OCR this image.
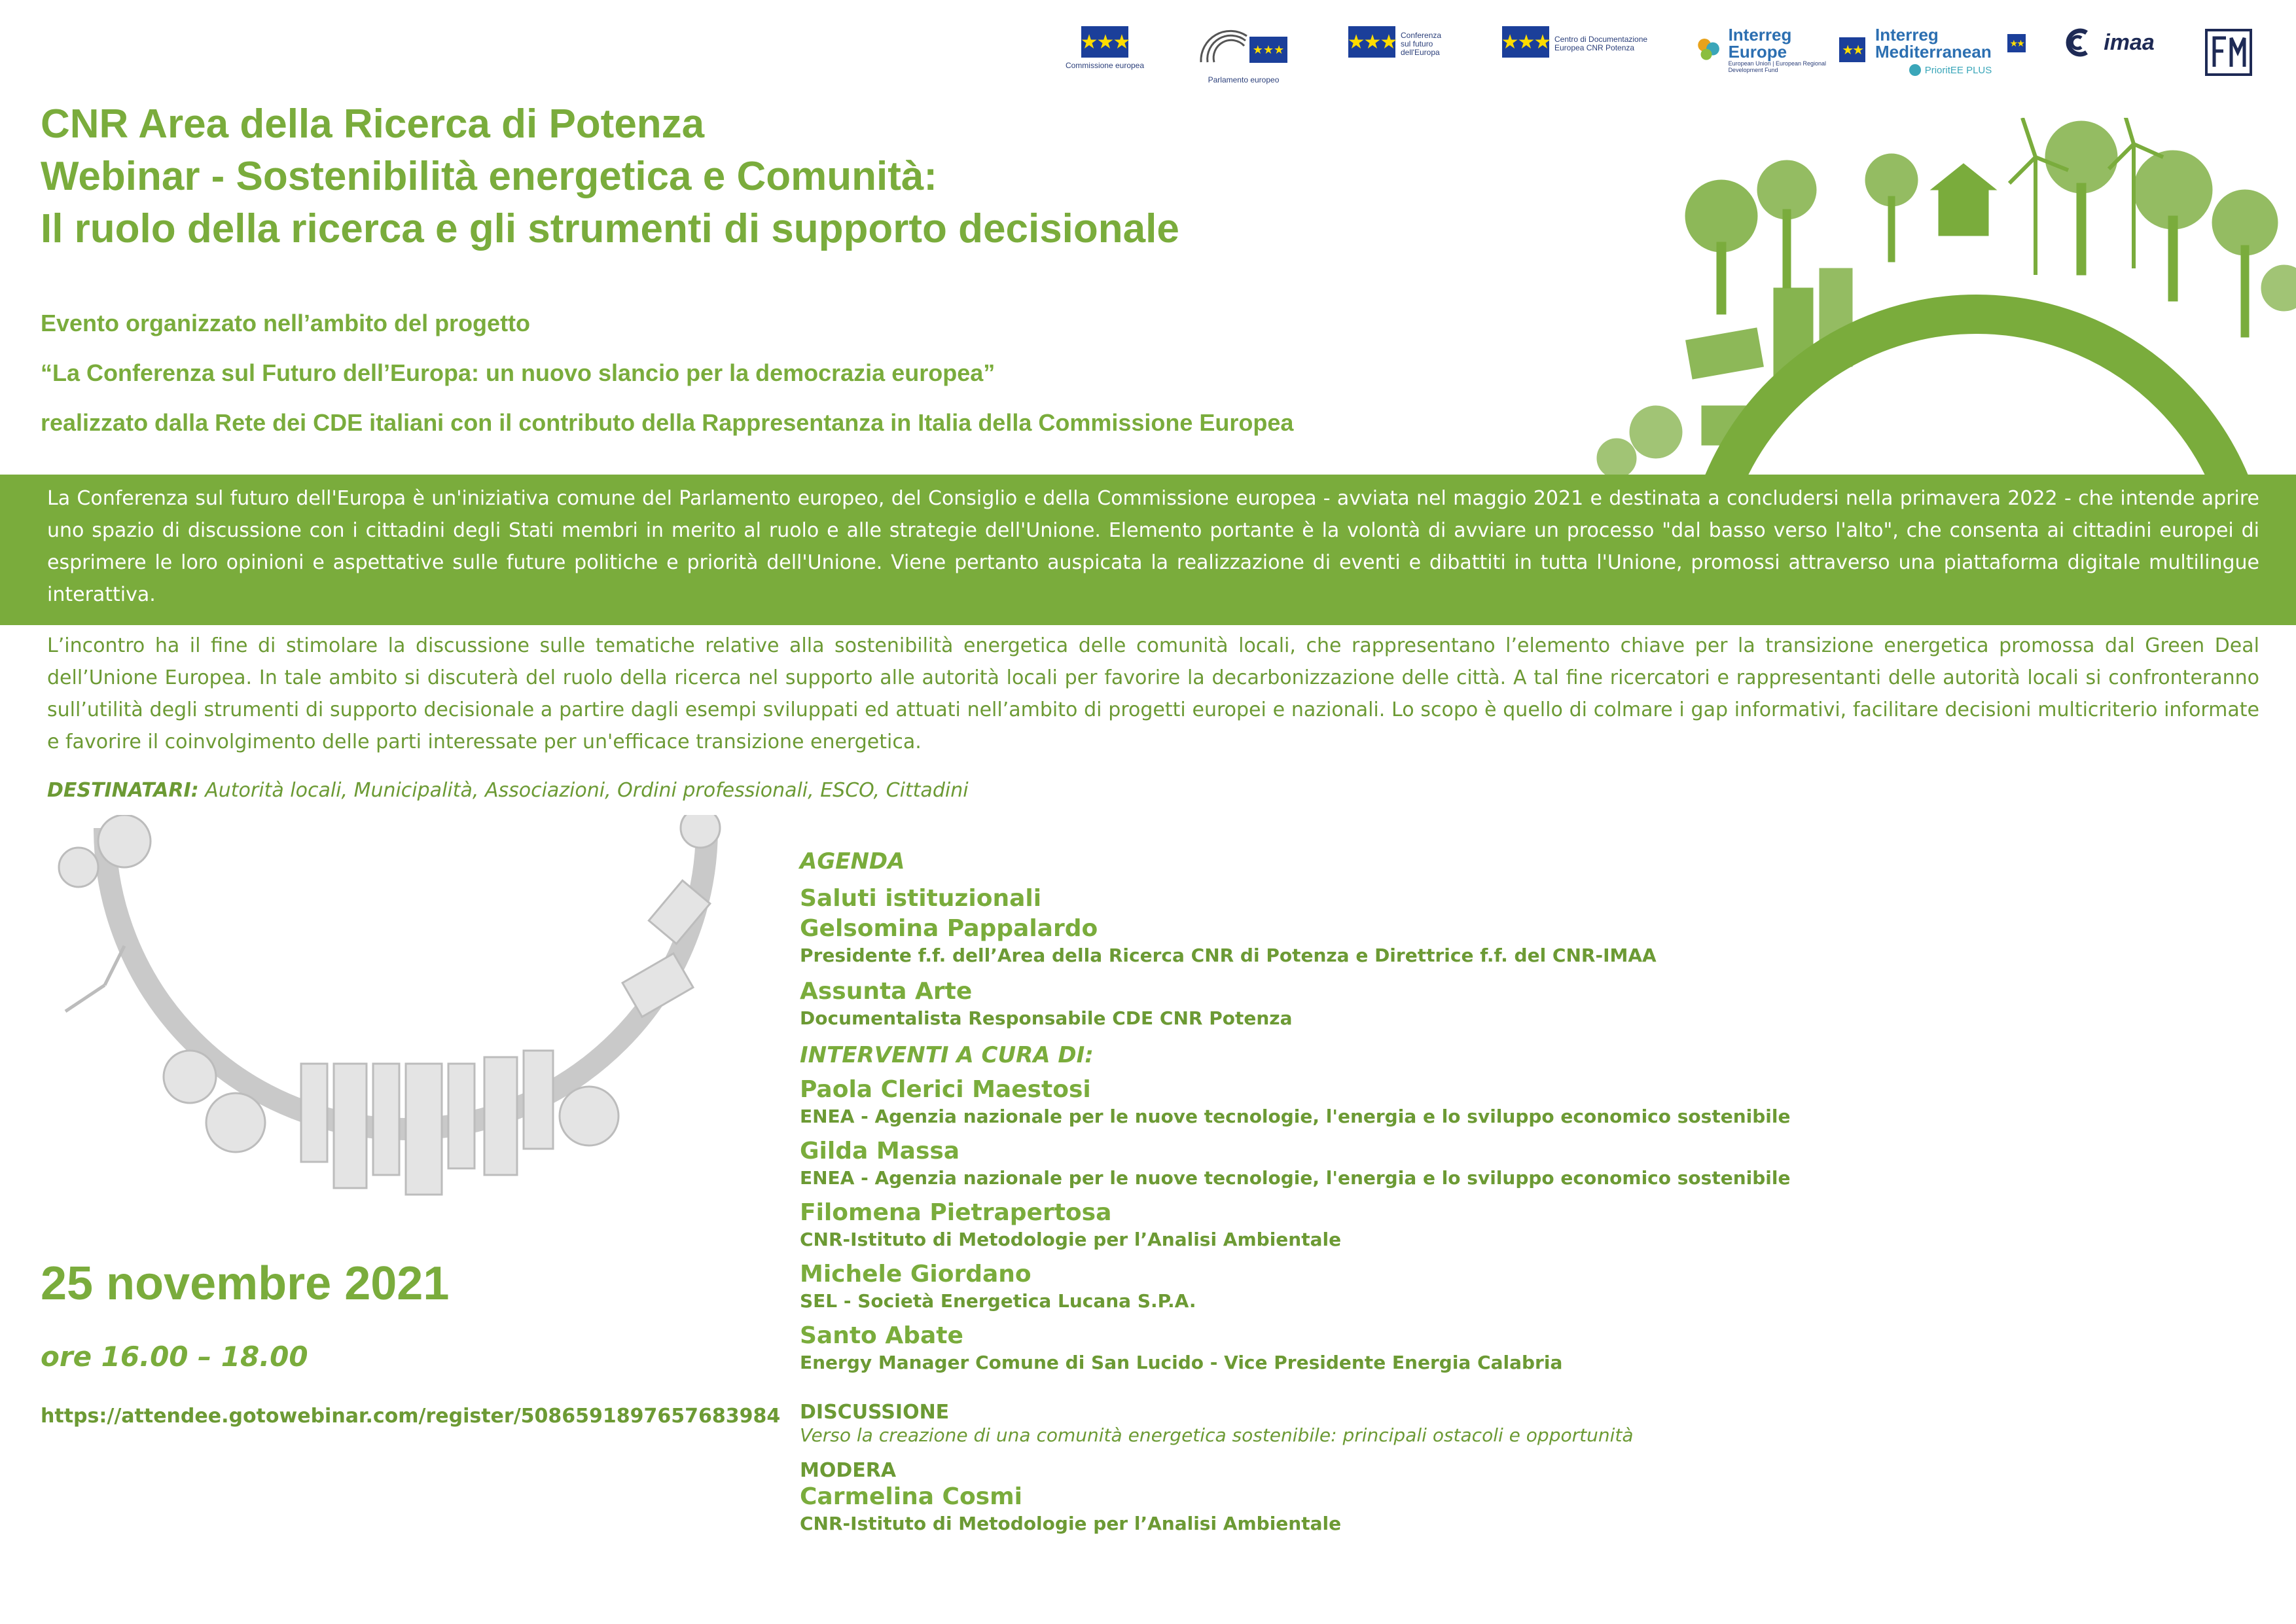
★★★
Commissione europea
★★★
Parlamento europeo
★★★ Conferenza sul futuro dell'Europa	★★★ Centro di Documentazione Europea CNR Potenza
Interreg Europe
European Union | European Regional Development Fund
★★
Interreg Mediterranean	★★
PrioritEE PLUS
imaa
CNR Area della Ricerca di Potenza
Webinar - Sostenibilità energetica e Comunità:
Il ruolo della ricerca e gli strumenti di supporto decisionale
Evento organizzato nell’ambito del progetto
“La Conferenza sul Futuro dell’Europa: un nuovo slancio per la democrazia europea”
realizzato dalla Rete dei CDE italiani con il contributo della Rappresentanza in Italia della Commissione Europea

La Conferenza sul futuro dell'Europa è un'iniziativa comune del Parlamento europeo, del Consiglio e della Commissione europea - avviata nel maggio 2021 e destinata a concludersi nella primavera 2022 - che intende aprire uno spazio di discussione con i cittadini degli Stati membri in merito al ruolo e alle strategie dell'Unione. Elemento portante è la volontà di avviare un processo "dal basso verso l'alto", che consenta ai cittadini europei di esprimere le loro opinioni e aspettative sulle future politiche e priorità dell'Unione. Viene pertanto auspicata la realizzazione di eventi e dibattiti in tutta l'Unione, promossi attraverso una piattaforma digitale multilingue interattiva.

L’incontro ha il fine di stimolare la discussione sulle tematiche relative alla sostenibilità energetica delle comunità locali, che rappresentano l’elemento chiave per la transizione energetica promossa dal Green Deal dell’Unione Europea. In tale ambito si discuterà del ruolo della ricerca nel supporto alle autorità locali per favorire la decarbonizzazione delle città. A tal fine ricercatori e rappresentanti delle autorità locali si confronteranno sull’utilità degli strumenti di supporto decisionale a partire dagli esempi sviluppati ed attuati nell’ambito di progetti europei e nazionali. Lo scopo è quello di colmare i gap informativi, facilitare decisioni multicriterio informate e favorire il coinvolgimento delle parti interessate per un'efficace transizione energetica.

DESTINATARI: Autorità locali, Municipalità, Associazioni, Ordini professionali, ESCO, Cittadini
AGENDA
Saluti istituzionali
Gelsomina Pappalardo
Presidente f.f. dell’Area della Ricerca CNR di Potenza e Direttrice f.f. del CNR-IMAA
Assunta Arte
Documentalista Responsabile CDE CNR Potenza
INTERVENTI A CURA DI:
Paola Clerici Maestosi
ENEA - Agenzia nazionale per le nuove tecnologie, l'energia e lo sviluppo economico sostenibile
Gilda Massa
ENEA - Agenzia nazionale per le nuove tecnologie, l'energia e lo sviluppo economico sostenibile
Filomena Pietrapertosa
CNR-Istituto di Metodologie per l’Analisi Ambientale
Michele Giordano
SEL - Società Energetica Lucana S.P.A.
Santo Abate
Energy Manager Comune di San Lucido - Vice Presidente Energia Calabria
DISCUSSIONE
Verso la creazione di una comunità energetica sostenibile: principali ostacoli e opportunità
MODERA
Carmelina Cosmi
CNR-Istituto di Metodologie per l’Analisi Ambientale
25 novembre 2021
ore 16.00 – 18.00
https://attendee.gotowebinar.com/register/5086591897657683984
